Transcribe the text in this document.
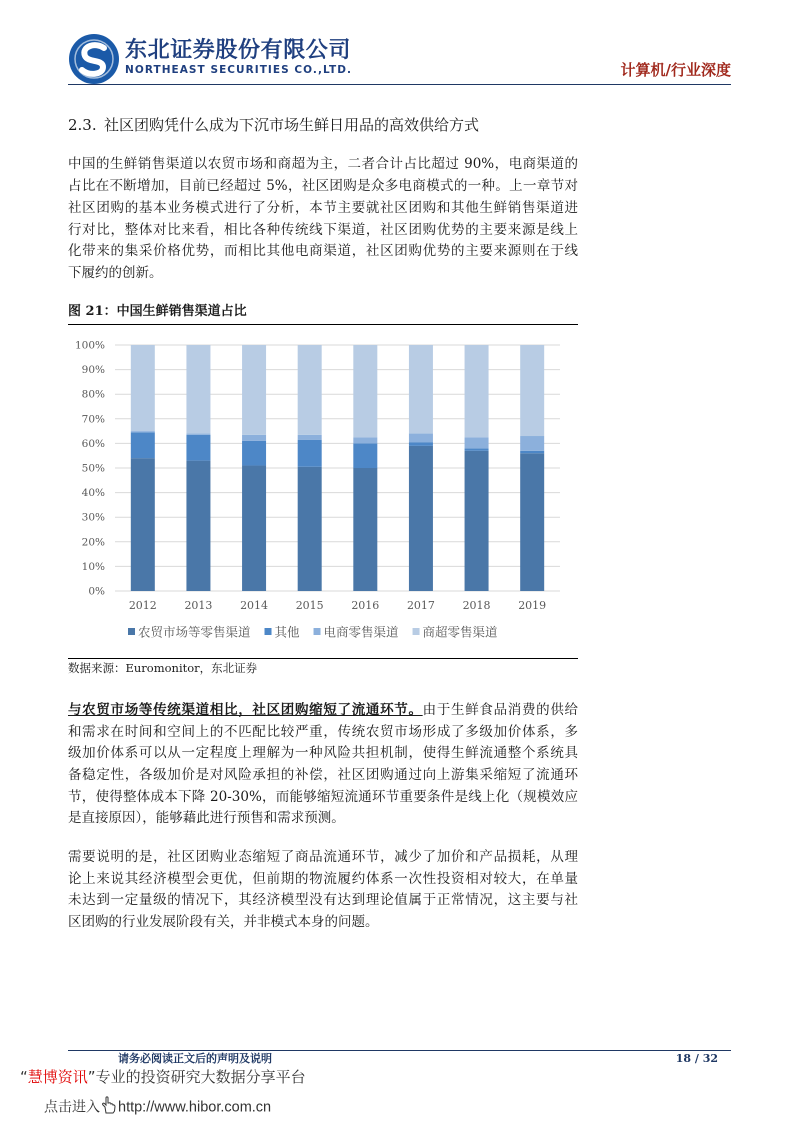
东北证券股份有限公司
NORTHEAST SECURITIES CO.,LTD.	计算机/行业深度
2.3. 社区团购凭什么成为下沉市场生鲜日用品的高效供给方式
中国的生鲜销售渠道以农贸市场和商超为主，二者合计占比超过 90%，电商渠道的
占比在不断增加，目前已经超过 5%，社区团购是众多电商模式的一种。上一章节对
社区团购的基本业务模式进行了分析，本节主要就社区团购和其他生鲜销售渠道进
行对比，整体对比来看，相比各种传统线下渠道，社区团购优势的主要来源是线上
化带来的集采价格优势，而相比其他电商渠道，社区团购优势的主要来源则在于线
下履约的创新。
图 21：中国生鲜销售渠道占比
0%
10%
20%
30%
40%
50%
60%
70%
80%
90%
100%
2012	2013	2014	2015	2016	2017	2018	2019
农贸市场等零售渠道 其他 电商零售渠道 商超零售渠道
数据来源：Euromonitor，东北证券
与农贸市场等传统渠道相比，社区团购缩短了流通环节。由于生鲜食品消费的供给
和需求在时间和空间上的不匹配比较严重，传统农贸市场形成了多级加价体系，多
级加价体系可以从一定程度上理解为一种风险共担机制，使得生鲜流通整个系统具
备稳定性，各级加价是对风险承担的补偿，社区团购通过向上游集采缩短了流通环
节，使得整体成本下降 20-30%，而能够缩短流通环节重要条件是线上化（规模效应
是直接原因），能够藉此进行预售和需求预测。
需要说明的是，社区团购业态缩短了商品流通环节，减少了加价和产品损耗，从理
论上来说其经济模型会更优，但前期的物流履约体系一次性投资相对较大，在单量
未达到一定量级的情况下，其经济模型没有达到理论值属于正常情况，这主要与社
区团购的行业发展阶段有关，并非模式本身的问题。
请务必阅读正文后的声明及说明	18 / 32
“慧博资讯”专业的投资研究大数据分享平台
点击进入 http://www.hibor.com.cn
